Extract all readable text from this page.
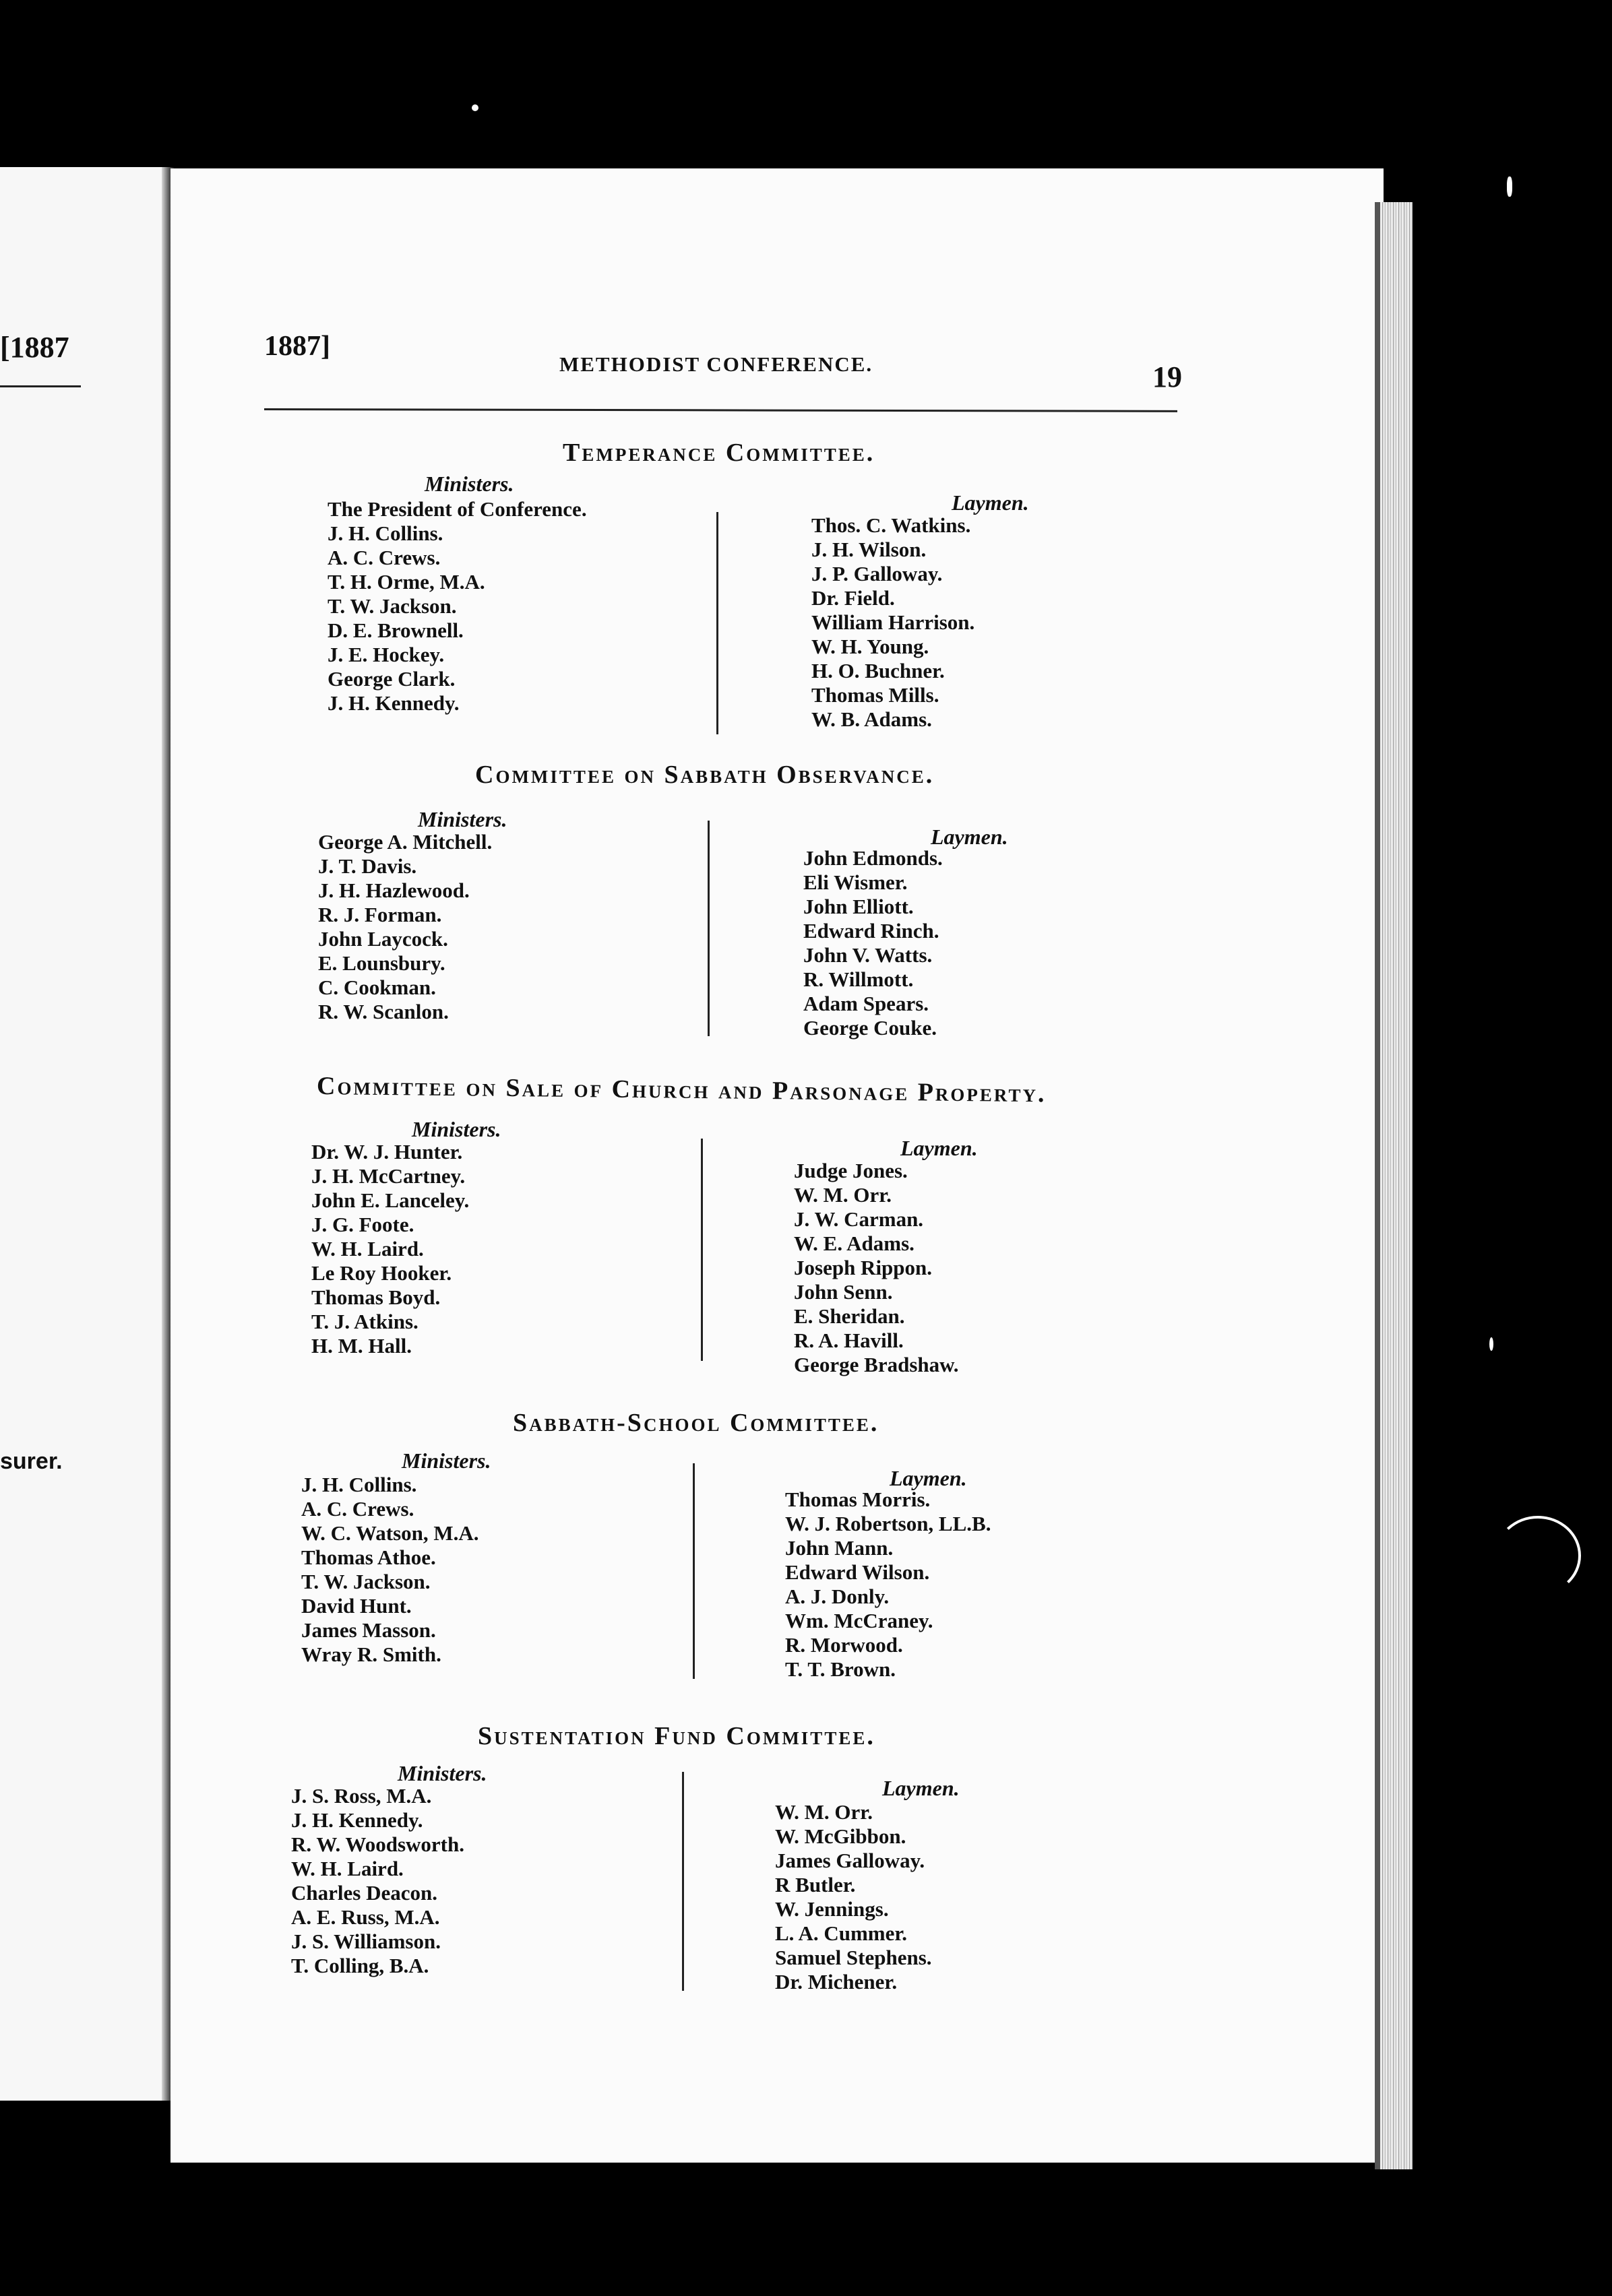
[1887
surer.
1887]
METHODIST CONFERENCE.	19
Temperance Committee.
Ministers.
The President of Conference.
J. H. Collins.
A. C. Crews.
T. H. Orme, M.A.
T. W. Jackson.
D. E. Brownell.
J. E. Hockey.
George Clark.
J. H. Kennedy.
Laymen.
Thos. C. Watkins.
J. H. Wilson.
J. P. Galloway.
Dr. Field.
William Harrison.
W. H. Young.
H. O. Buchner.
Thomas Mills.
W. B. Adams.
Committee on Sabbath Observance.
Ministers.
George A. Mitchell.
J. T. Davis.
J. H. Hazlewood.
R. J. Forman.
John Laycock.
E. Lounsbury.
C. Cookman.
R. W. Scanlon.
Laymen.
John Edmonds.
Eli Wismer.
John Elliott.
Edward Rinch.
John V. Watts.
R. Willmott.
Adam Spears.
George Couke.
Committee on Sale of Church and Parsonage Property.
Ministers.
Dr. W. J. Hunter.
J. H. McCartney.
John E. Lanceley.
J. G. Foote.
W. H. Laird.
Le Roy Hooker.
Thomas Boyd.
T. J. Atkins.
H. M. Hall.
Laymen.
Judge Jones.
W. M. Orr.
J. W. Carman.
W. E. Adams.
Joseph Rippon.
John Senn.
E. Sheridan.
R. A. Havill.
George Bradshaw.
Sabbath-School Committee.
Ministers.
J. H. Collins.
A. C. Crews.
W. C. Watson, M.A.
Thomas Athoe.
T. W. Jackson.
David Hunt.
James Masson.
Wray R. Smith.
Laymen.
Thomas Morris.
W. J. Robertson, LL.B.
John Mann.
Edward Wilson.
A. J. Donly.
Wm. McCraney.
R. Morwood.
T. T. Brown.
Sustentation Fund Committee.
Ministers.
J. S. Ross, M.A.
J. H. Kennedy.
R. W. Woodsworth.
W. H. Laird.
Charles Deacon.
A. E. Russ, M.A.
J. S. Williamson.
T. Colling, B.A.
Laymen.
W. M. Orr.
W. McGibbon.
James Galloway.
R Butler.
W. Jennings.
L. A. Cummer.
Samuel Stephens.
Dr. Michener.
